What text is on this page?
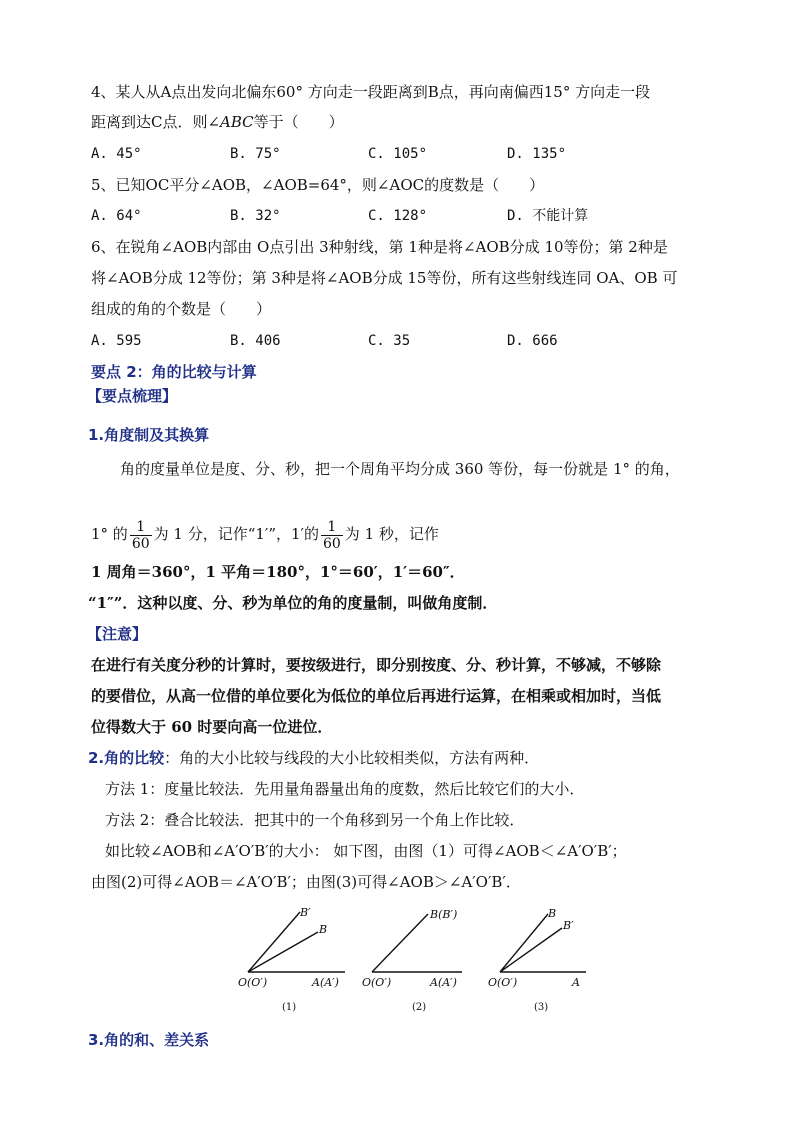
4、某人从A点出发向北偏东60° 方向走一段距离到B点，再向南偏西15° 方向走一段
距离到达C点．则∠ABC等于（　　）
A. 45°	B. 75°	C. 105°	D. 135°
5、已知OC平分∠AOB，∠AOB=64°，则∠AOC的度数是（　　）
A. 64°	B. 32°	C. 128°	D. 不能计算
6、在锐角∠AOB内部由 O点引出 3种射线，第 1种是将∠AOB分成 10等份；第 2种是
将∠AOB分成 12等份；第 3种是将∠AOB分成 15等份，所有这些射线连同 OA、OB 可
组成的角的个数是（　　）
A. 595	B. 406	C. 35	D. 666
要点 2：角的比较与计算
【要点梳理】
1.角度制及其换算
角的度量单位是度、分、秒，把一个周角平均分成 360 等份，每一份就是 1° 的角，
1° 的 $\frac{1}{60}$ 为 1 分，记作“1′”，1′的 $\frac{1}{60}$ 为 1 秒，记作
1 周角＝360°，1 平角＝180°，1°＝60′，1′＝60″．
“1″”．这种以度、分、秒为单位的角的度量制，叫做角度制．
【注意】
在进行有关度分秒的计算时，要按级进行，即分别按度、分、秒计算，不够减，不够除
的要借位，从高一位借的单位要化为低位的单位后再进行运算，在相乘或相加时，当低
位得数大于 60 时要向高一位进位．
2.角的比较：角的大小比较与线段的大小比较相类似，方法有两种．
方法 1：度量比较法．先用量角器量出角的度数，然后比较它们的大小．
方法 2：叠合比较法．把其中的一个角移到另一个角上作比较．
如比较∠AOB和∠A′O′B′的大小： 如下图，由图（1）可得∠AOB＜∠A′O′B′；
由图(2)可得∠AOB＝∠A′O′B′；由图(3)可得∠AOB＞∠A′O′B′．
O(O′)	A(A′)
B′
B
(1)
O(O′)	A(A′)
B(B′)
(2)
O(O′)	A
B
B′
(3)
3.角的和、差关系
